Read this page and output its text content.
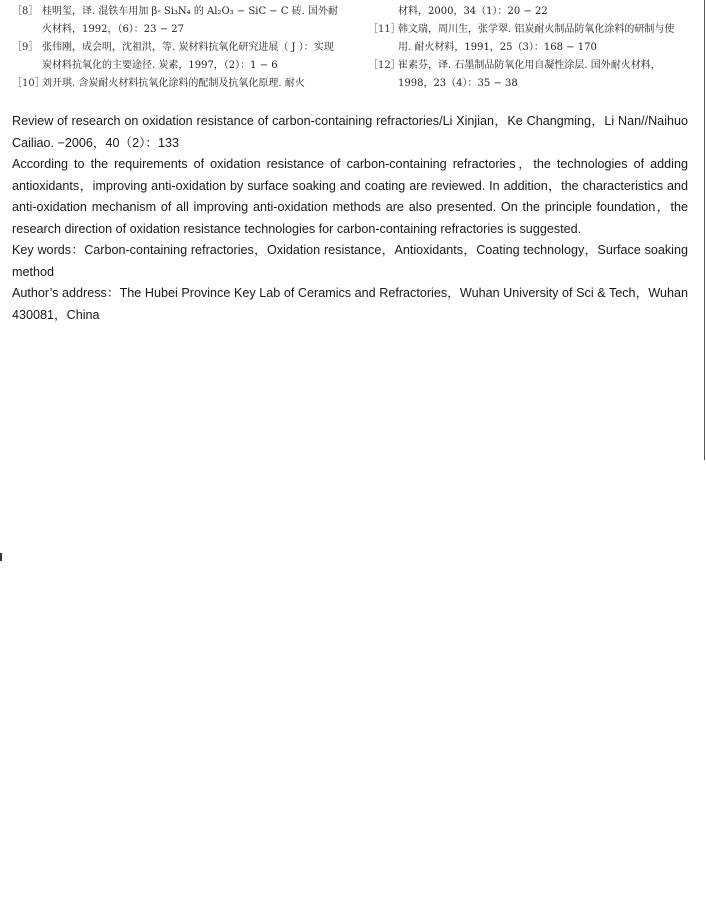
［8］ 桂明玺，译. 混铁车用加 β- Si₃N₄ 的 Al₂O₃ − SiC − C 砖. 国外耐
火材料，1992，（6）：23 − 27
［9］ 张伟刚，成会明，沈祖洪，等. 炭材料抗氧化研究进展（ J ）：实现
炭材料抗氧化的主要途径. 炭素，1997，（2）：1 − 6
［10］刘开琪. 含炭耐火材料抗氧化涂料的配制及抗氧化原理. 耐火
材料，2000，34（1）：20 − 22
［11］韩文瑞，周川生，张学翠. 铝炭耐火制品防氧化涂料的研制与使
用. 耐火材料，1991，25（3）：168 − 170
［12］崔素芬，译. 石墨制品防氧化用自凝性涂层. 国外耐火材料，
1998，23（4）：35 − 38

Review of research on oxidation resistance of carbon-containing refractories/Li Xinjian，Ke Changming，Li Nan//Naihuo Cailiao. −2006，40（2）：133

According to the requirements of oxidation resistance of carbon-containing refractories，the technologies of adding antioxidants，improving anti-oxidation by surface soaking and coating are reviewed. In addition，the characteristics and anti-oxidation mechanism of all improving anti-oxidation methods are also presented. On the principle foundation，the research direction of oxidation resistance technologies for carbon-containing refractories is suggested.

Key words：Carbon-containing refractories，Oxidation resistance，Antioxidants，Coating technology，Surface soaking method

Author’s address：The Hubei Province Key Lab of Ceramics and Refractories，Wuhan University of Sci & Tech，Wuhan 430081，China
